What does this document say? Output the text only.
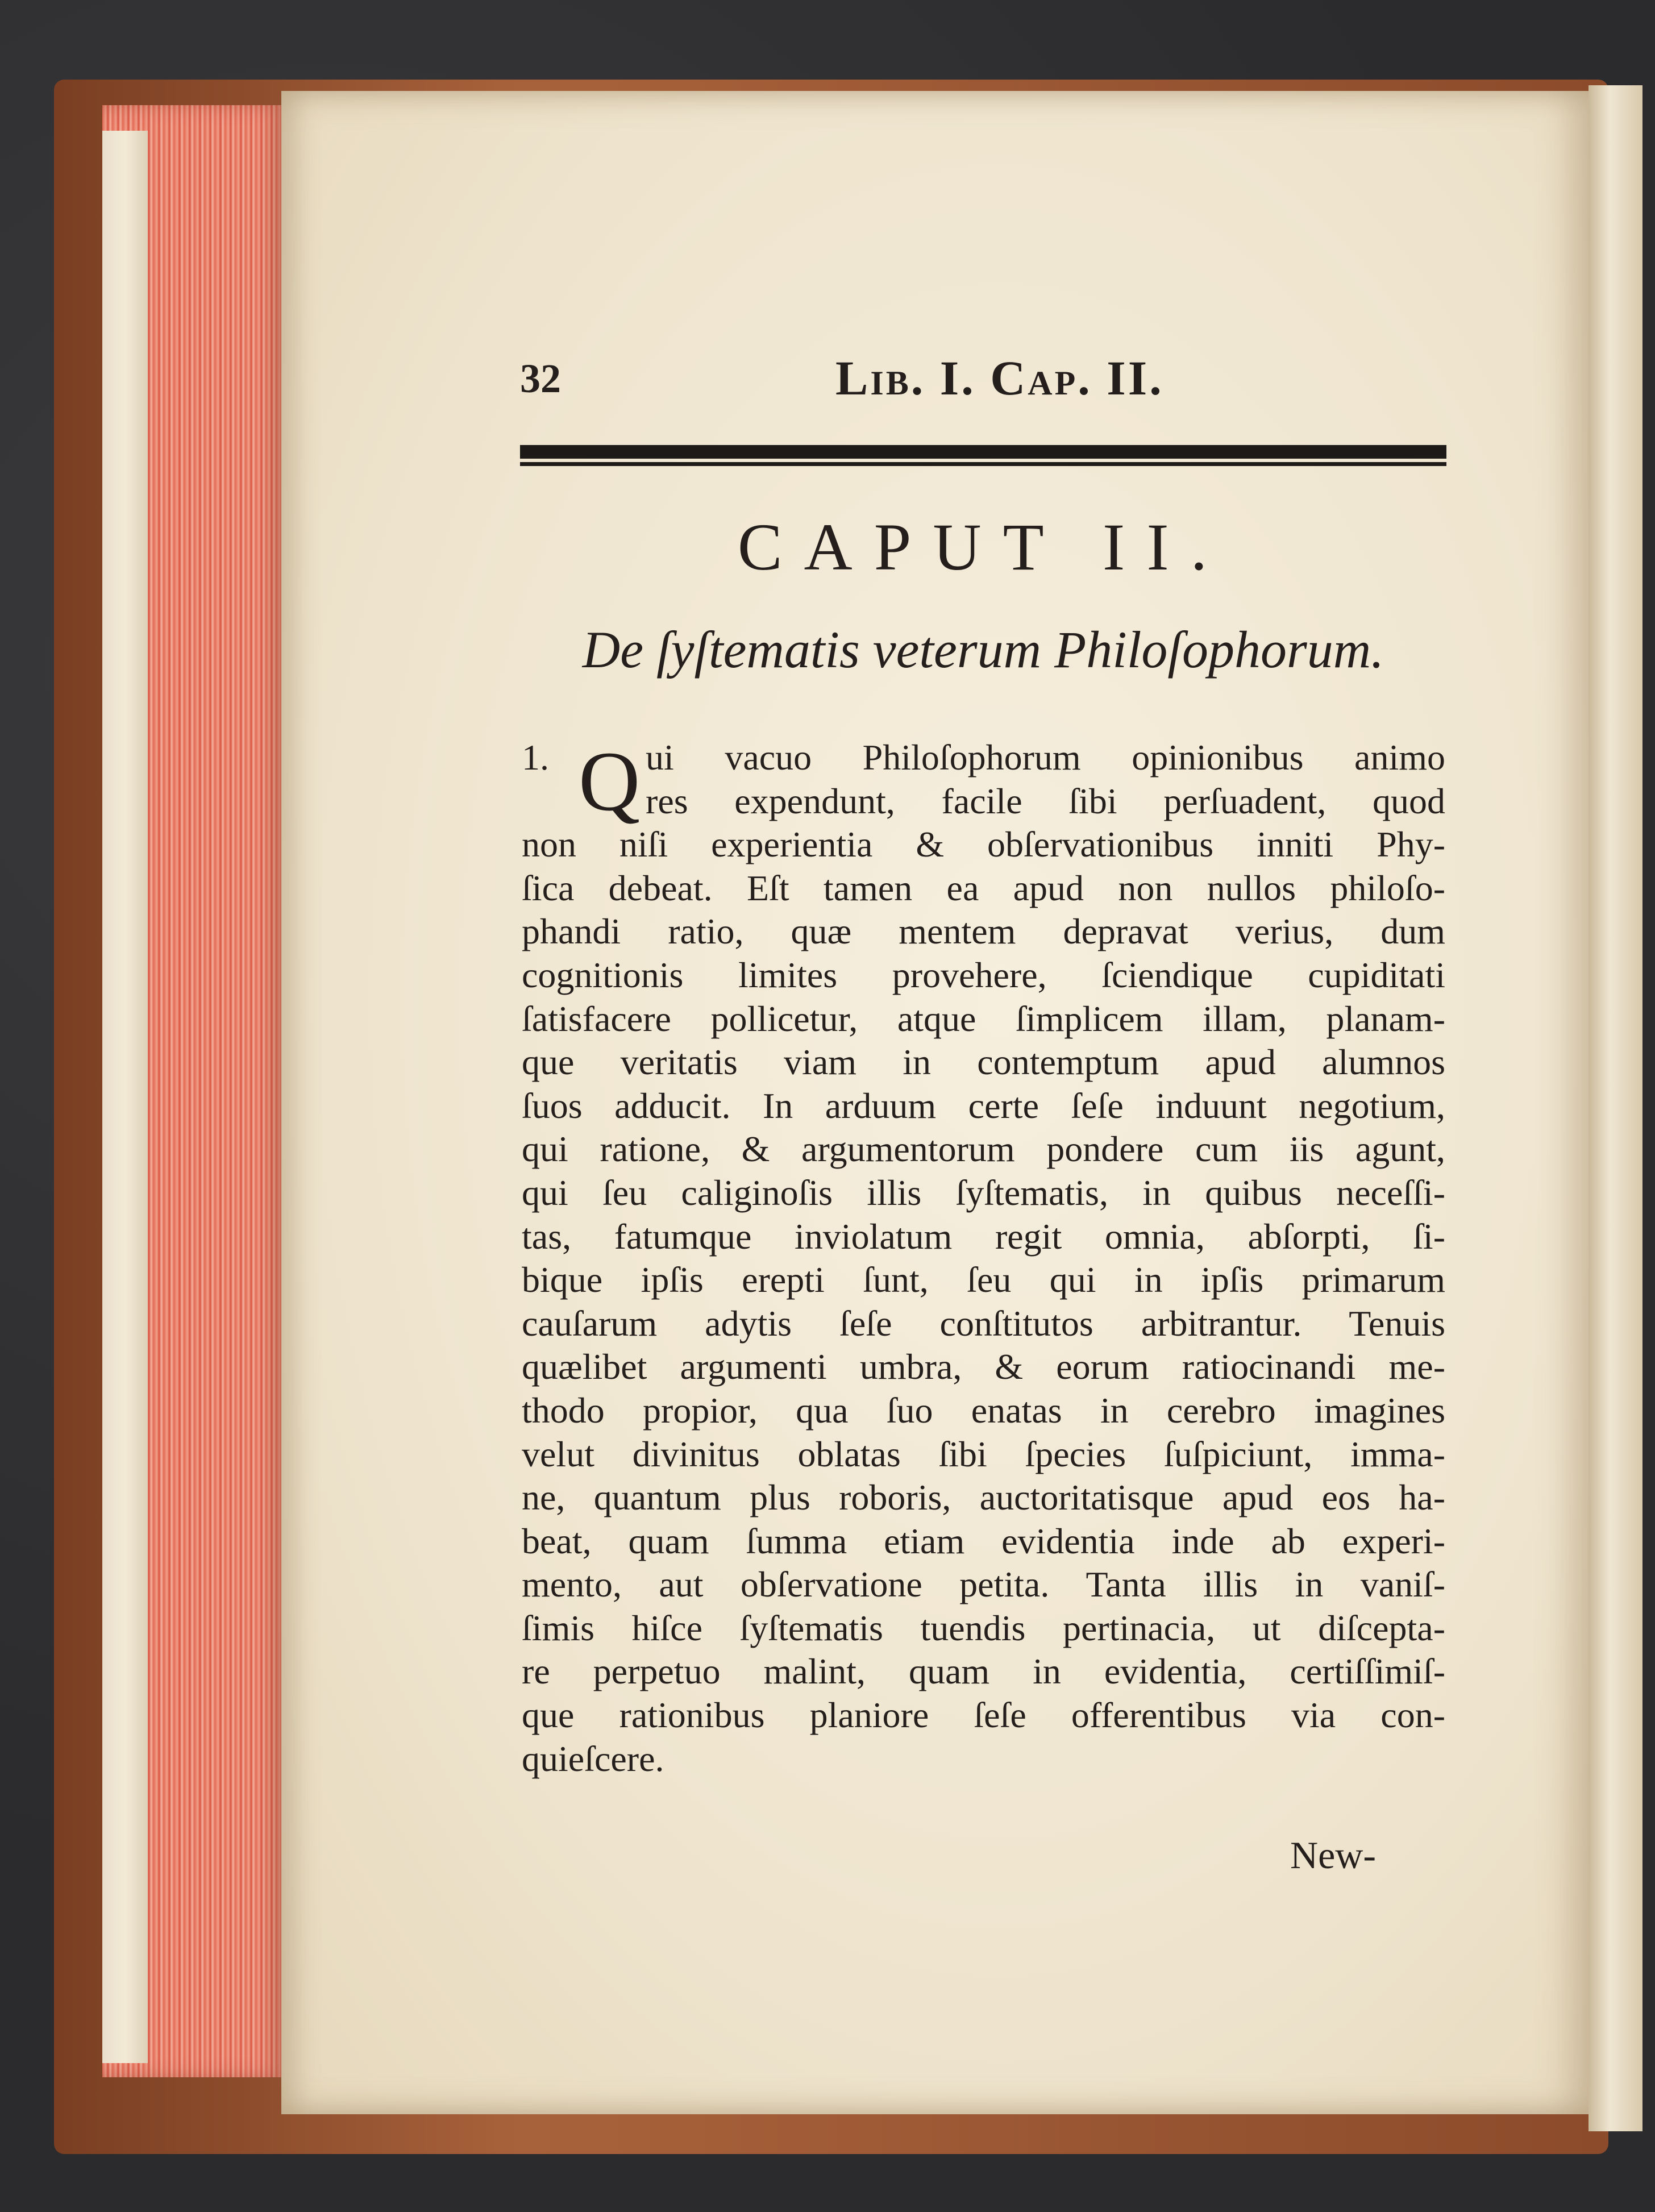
32	Lib. I. Cap. II.
CAPUT II.
De ſyſtematis veterum Philoſophorum.
1. Q ui vacuo Philoſophorum opinionibus animo
res expendunt, facile ſibi perſuadent, quod
non niſi experientia & obſervationibus inniti Phy-
ſica debeat. Eſt tamen ea apud non nullos philoſo-
phandi ratio, quæ mentem depravat verius, dum
cognitionis limites provehere, ſciendique cupiditati
ſatisfacere pollicetur, atque ſimplicem illam, planam-
que veritatis viam in contemptum apud alumnos
ſuos adducit. In arduum certe ſeſe induunt negotium,
qui ratione, & argumentorum pondere cum iis agunt,
qui ſeu caliginoſis illis ſyſtematis, in quibus neceſſi-
tas, fatumque inviolatum regit omnia, abſorpti, ſi-
bique ipſis erepti ſunt, ſeu qui in ipſis primarum
cauſarum adytis ſeſe conſtitutos arbitrantur. Tenuis
quælibet argumenti umbra, & eorum ratiocinandi me-
thodo propior, qua ſuo enatas in cerebro imagines
velut divinitus oblatas ſibi ſpecies ſuſpiciunt, imma-
ne, quantum plus roboris, auctoritatisque apud eos ha-
beat, quam ſumma etiam evidentia inde ab experi-
mento, aut obſervatione petita. Tanta illis in vaniſ-
ſimis hiſce ſyſtematis tuendis pertinacia, ut diſcepta-
re perpetuo malint, quam in evidentia, certiſſimiſ-
que rationibus planiore ſeſe offerentibus via con-
quieſcere.
New-
